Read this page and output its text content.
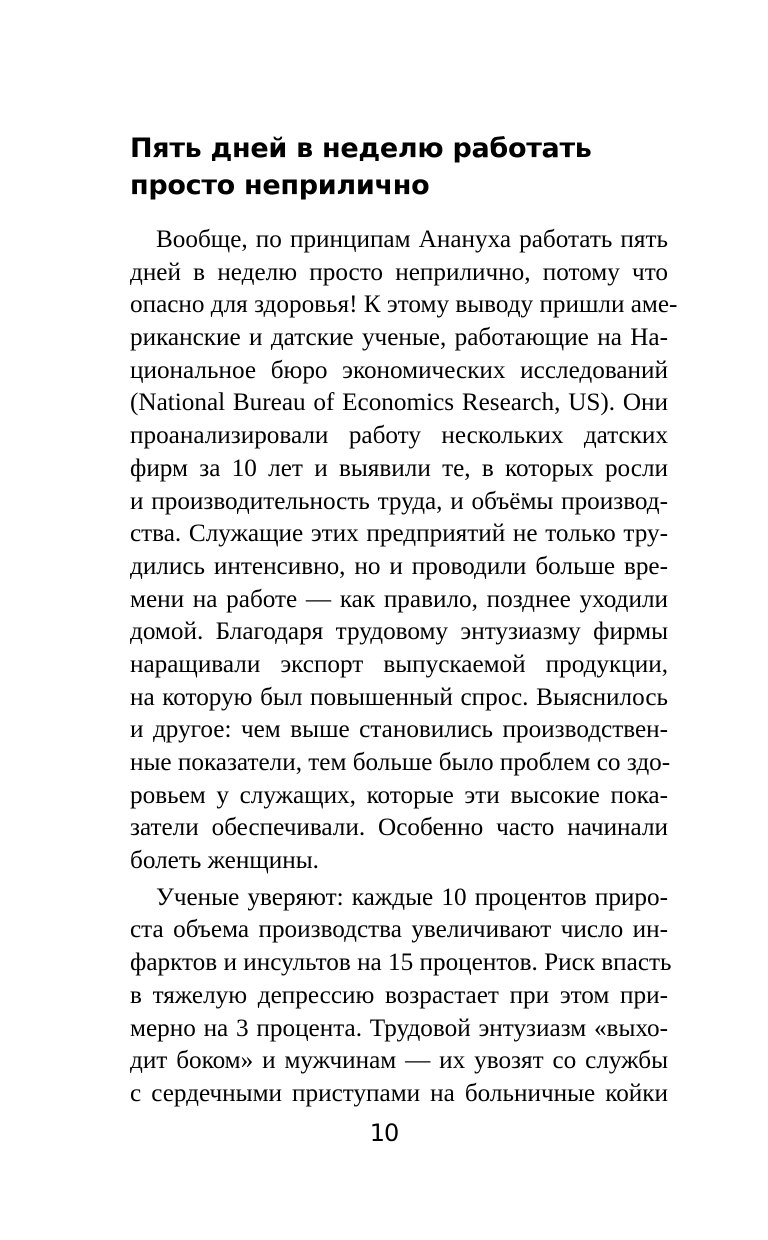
Пять дней в неделю работать
просто неприлично

Вообще, по принципам Анануха работать пять
дней в неделю просто неприлично, потому что
опасно для здоровья! К этому выводу пришли аме-
риканские и датские ученые, работающие на На-
циональное бюро экономических исследований
(National Bureau of Economics Research, US). Они
проанализировали работу нескольких датских
фирм за 10 лет и выявили те, в которых росли
и производительность труда, и объёмы производ-
ства. Служащие этих предприятий не только тру-
дились интенсивно, но и проводили больше вре-
мени на работе — как правило, позднее уходили
домой. Благодаря трудовому энтузиазму фирмы
наращивали экспорт выпускаемой продукции,
на которую был повышенный спрос. Выяснилось
и другое: чем выше становились производствен-
ные показатели, тем больше было проблем со здо-
ровьем у служащих, которые эти высокие пока-
затели обеспечивали. Особенно часто начинали
болеть женщины.

Ученые уверяют: каждые 10 процентов приро-
ста объема производства увеличивают число ин-
фарктов и инсультов на 15 процентов. Риск впасть
в тяжелую депрессию возрастает при этом при-
мерно на 3 процента. Трудовой энтузиазм «выхо-
дит боком» и мужчинам — их увозят со службы
с сердечными приступами на больничные койки

10
